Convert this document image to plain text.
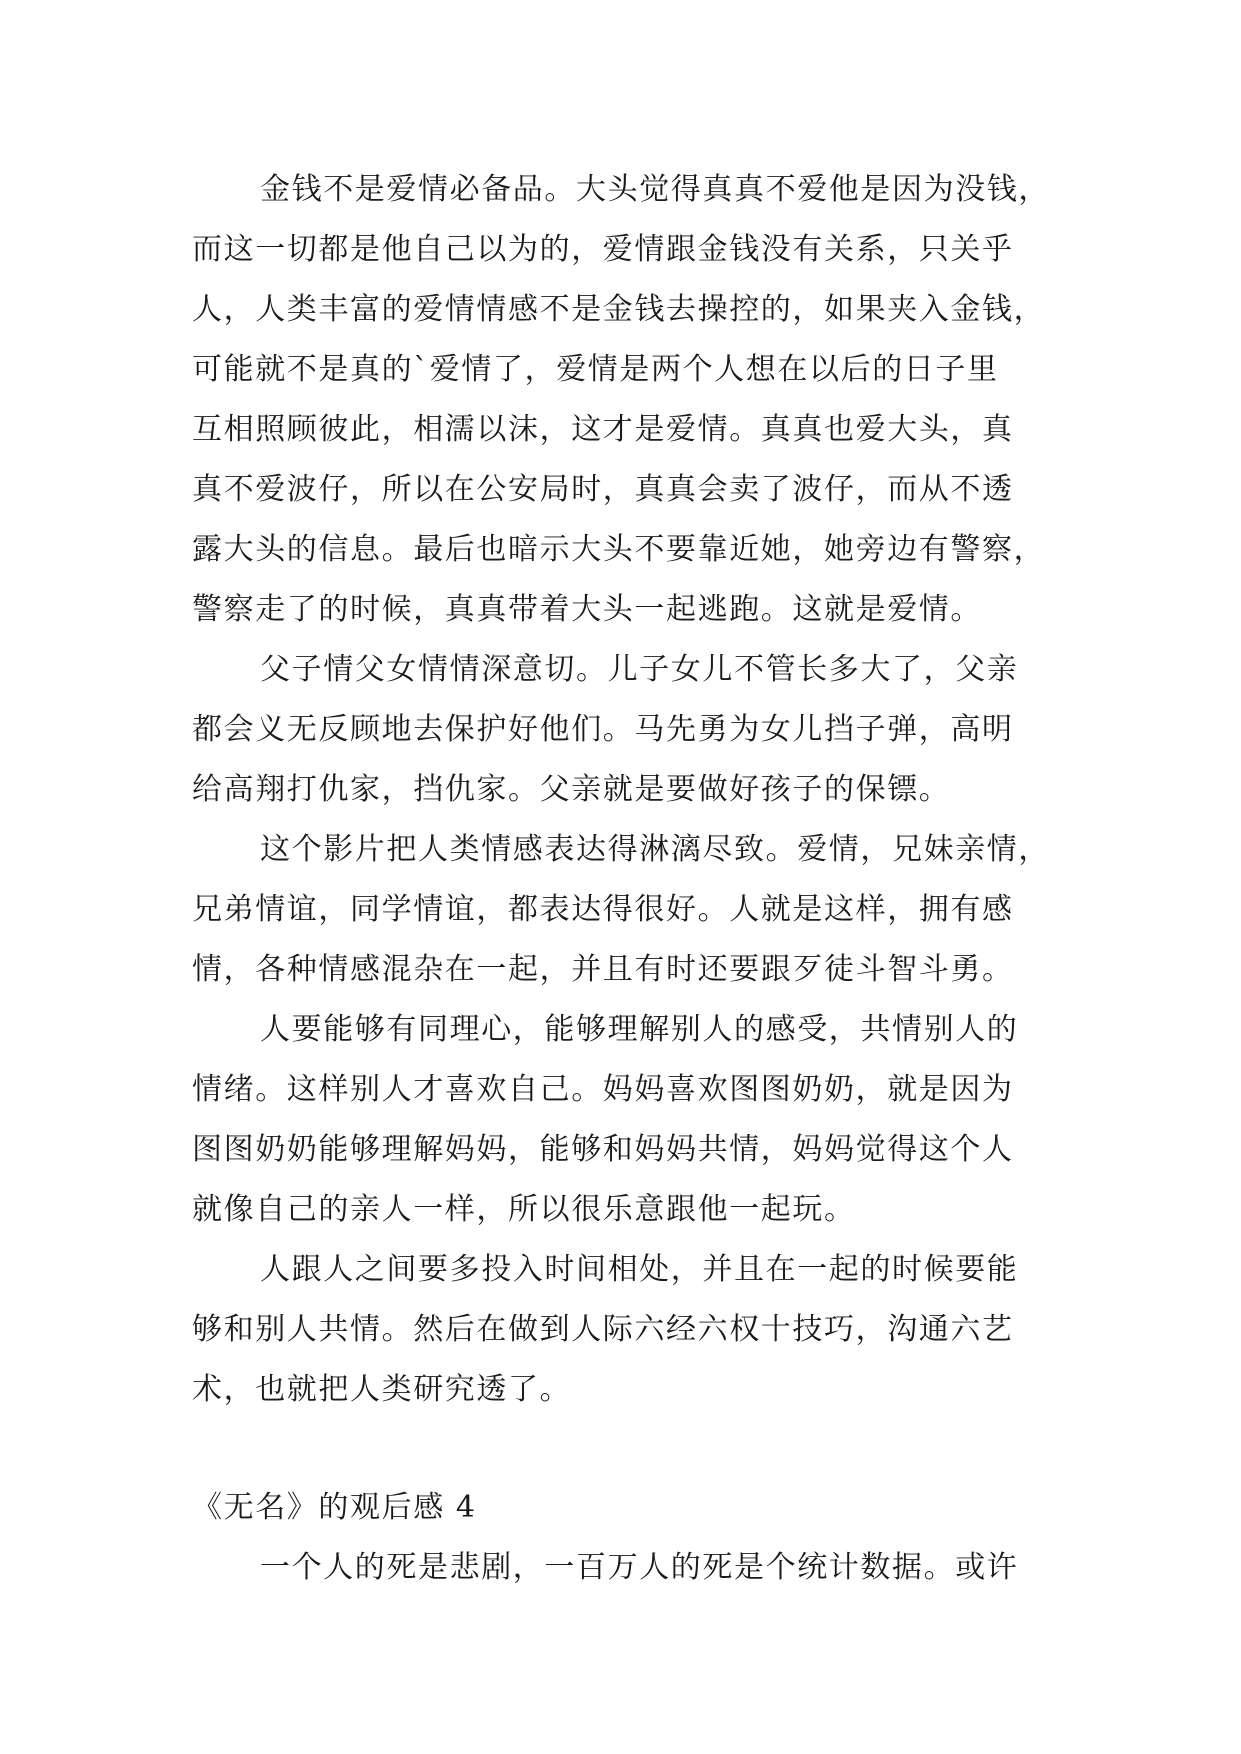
金钱不是爱情必备品。大头觉得真真不爱他是因为没钱，
而这一切都是他自己以为的，爱情跟金钱没有关系，只关乎
人，人类丰富的爱情情感不是金钱去操控的，如果夹入金钱，
可能就不是真的`爱情了，爱情是两个人想在以后的日子里
互相照顾彼此，相濡以沫，这才是爱情。真真也爱大头，真
真不爱波仔，所以在公安局时，真真会卖了波仔，而从不透
露大头的信息。最后也暗示大头不要靠近她，她旁边有警察，
警察走了的时候，真真带着大头一起逃跑。这就是爱情。
父子情父女情情深意切。儿子女儿不管长多大了，父亲
都会义无反顾地去保护好他们。马先勇为女儿挡子弹，高明
给高翔打仇家，挡仇家。父亲就是要做好孩子的保镖。
这个影片把人类情感表达得淋漓尽致。爱情，兄妹亲情，
兄弟情谊，同学情谊，都表达得很好。人就是这样，拥有感
情，各种情感混杂在一起，并且有时还要跟歹徒斗智斗勇。
人要能够有同理心，能够理解别人的感受，共情别人的
情绪。这样别人才喜欢自己。妈妈喜欢图图奶奶，就是因为
图图奶奶能够理解妈妈，能够和妈妈共情，妈妈觉得这个人
就像自己的亲人一样，所以很乐意跟他一起玩。
人跟人之间要多投入时间相处，并且在一起的时候要能
够和别人共情。然后在做到人际六经六权十技巧，沟通六艺
术，也就把人类研究透了。
《无名》的观后感 4
一个人的死是悲剧，一百万人的死是个统计数据。或许
